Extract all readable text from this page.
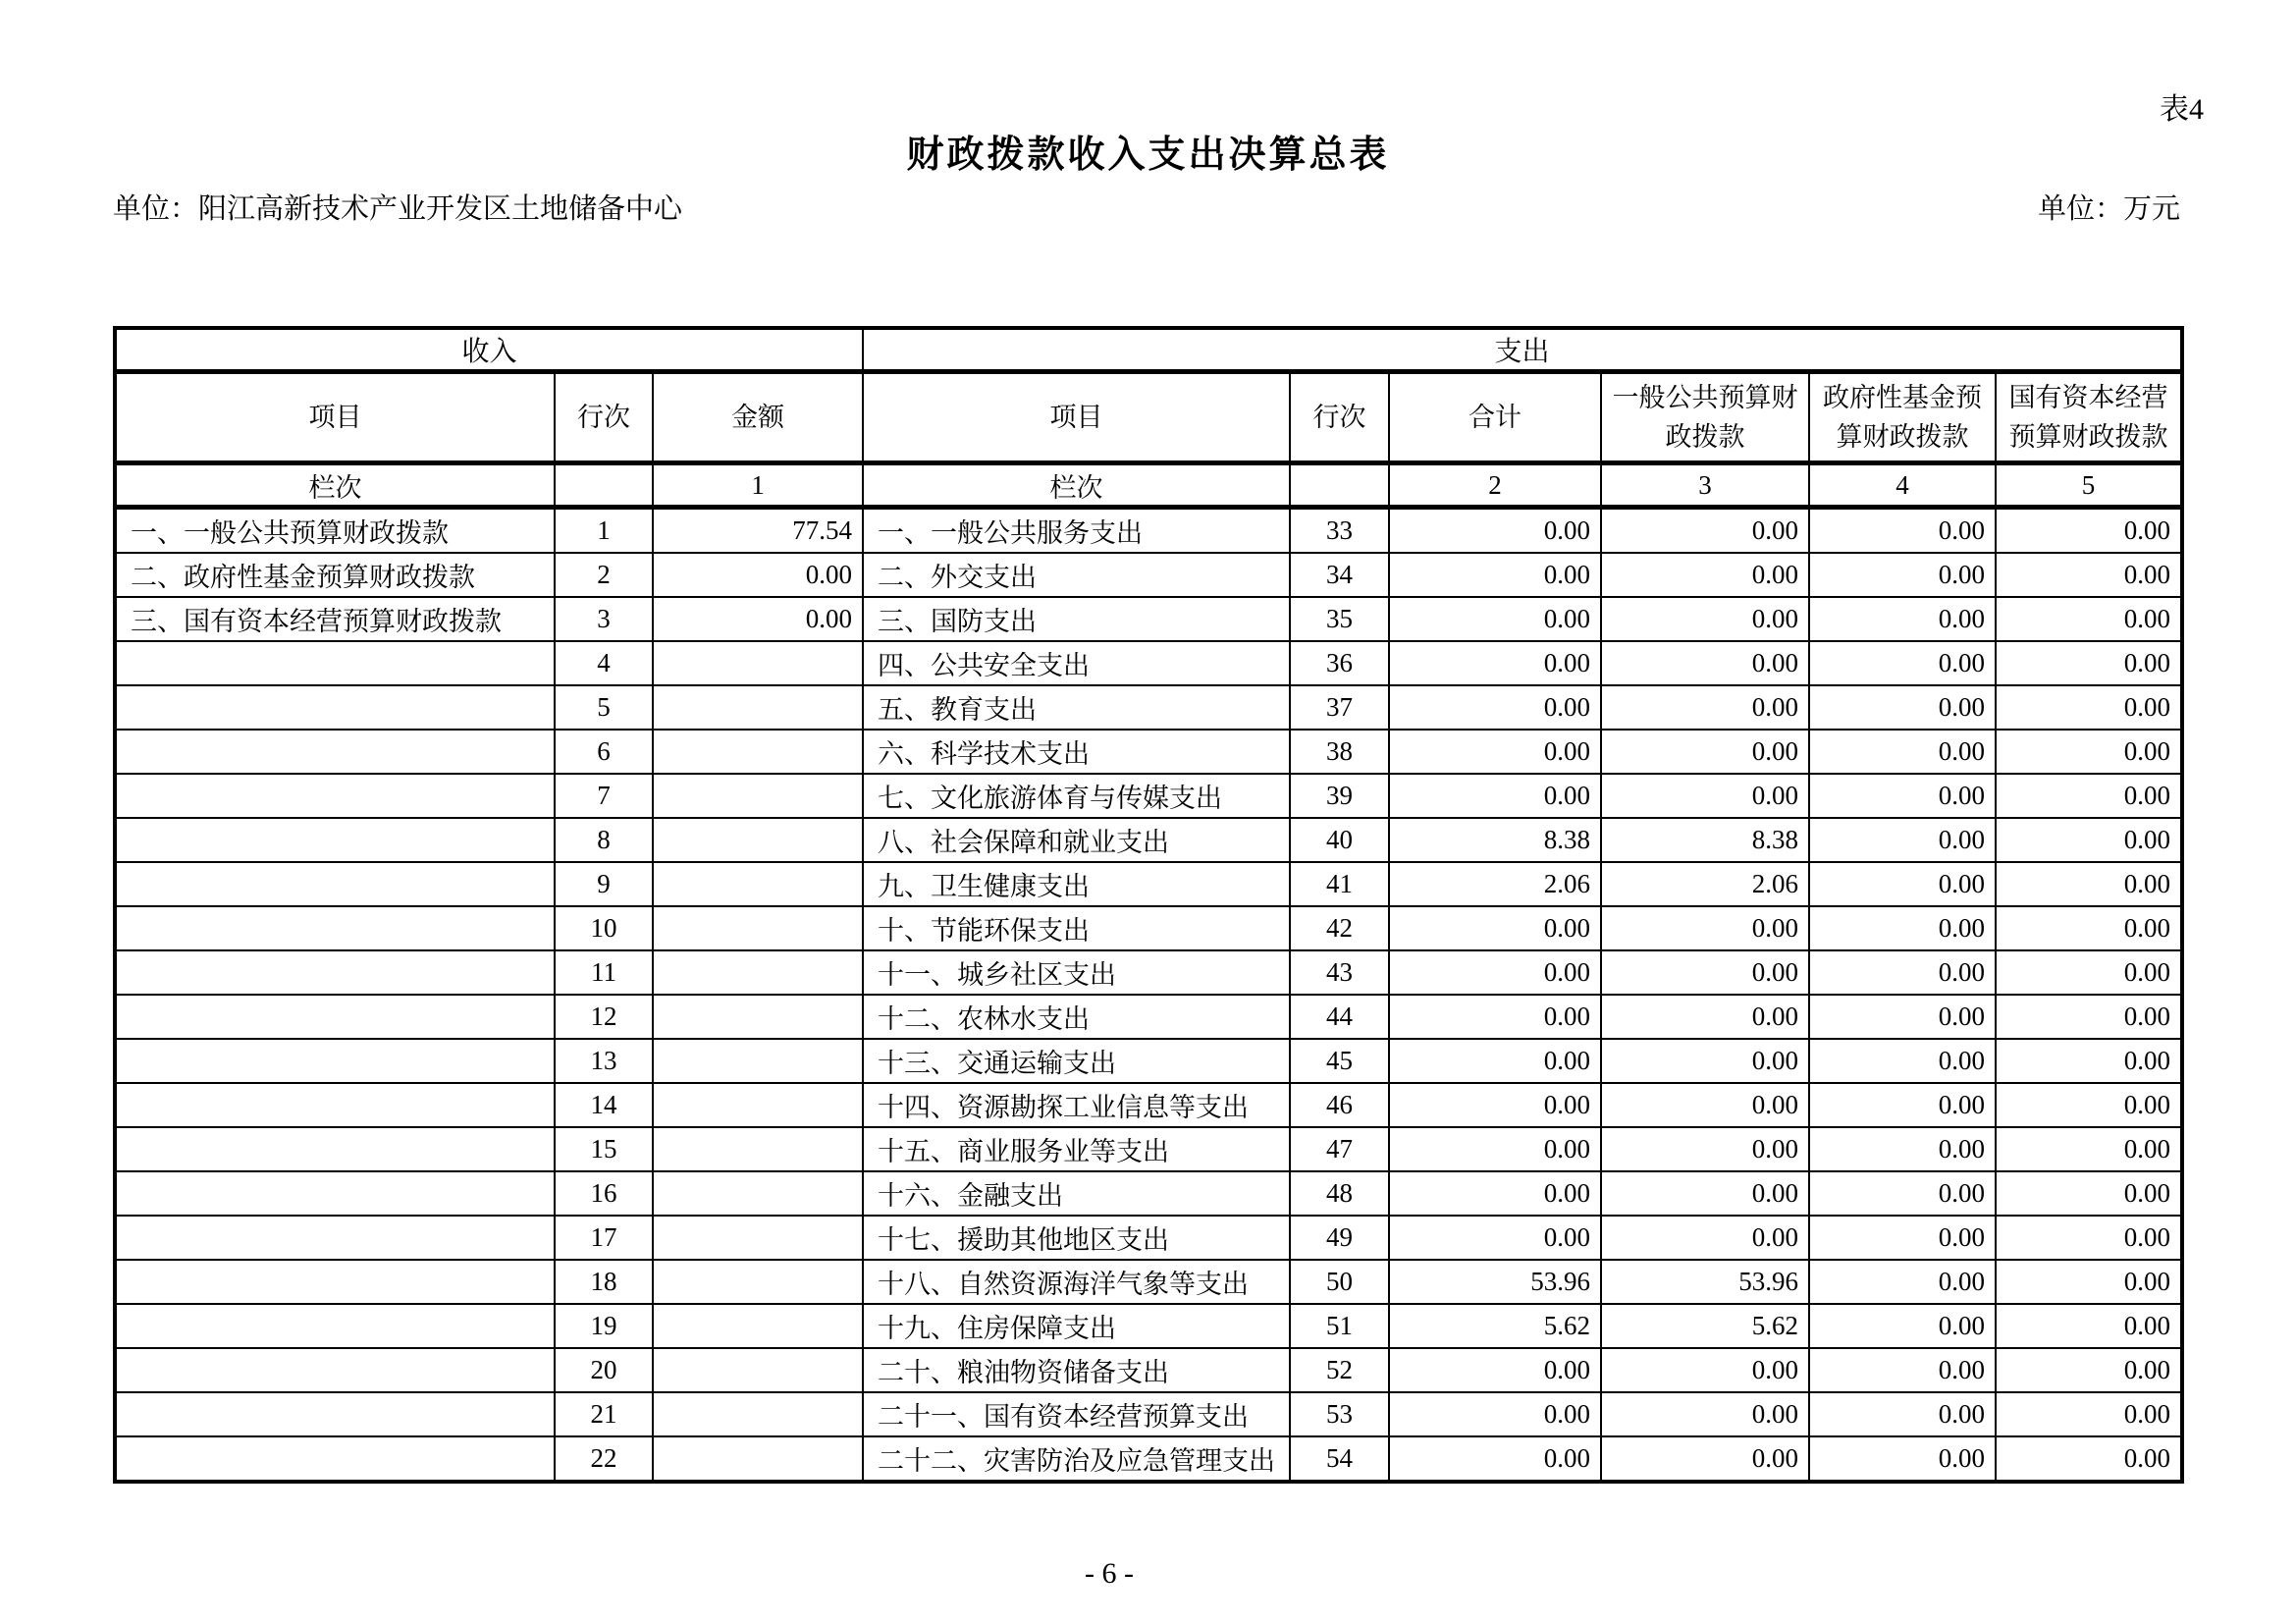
表4
财政拨款收入支出决算总表
单位：阳江高新技术产业开发区土地储备中心	单位：万元
收入			支出					
项目	行次	金额	项目	行次	合计	一般公共预算财政拨款	政府性基金预算财政拨款	国有资本经营预算财政拨款
栏次		1	栏次		2	3	4	5
一、一般公共预算财政拨款	1	77.54	一、一般公共服务支出	33	0.00	0.00	0.00	0.00
二、政府性基金预算财政拨款	2	0.00	二、外交支出	34	0.00	0.00	0.00	0.00
三、国有资本经营预算财政拨款	3	0.00	三、国防支出	35	0.00	0.00	0.00	0.00
	4		四、公共安全支出	36	0.00	0.00	0.00	0.00
	5		五、教育支出	37	0.00	0.00	0.00	0.00
	6		六、科学技术支出	38	0.00	0.00	0.00	0.00
	7		七、文化旅游体育与传媒支出	39	0.00	0.00	0.00	0.00
	8		八、社会保障和就业支出	40	8.38	8.38	0.00	0.00
	9		九、卫生健康支出	41	2.06	2.06	0.00	0.00
	10		十、节能环保支出	42	0.00	0.00	0.00	0.00
	11		十一、城乡社区支出	43	0.00	0.00	0.00	0.00
	12		十二、农林水支出	44	0.00	0.00	0.00	0.00
	13		十三、交通运输支出	45	0.00	0.00	0.00	0.00
	14		十四、资源勘探工业信息等支出	46	0.00	0.00	0.00	0.00
	15		十五、商业服务业等支出	47	0.00	0.00	0.00	0.00
	16		十六、金融支出	48	0.00	0.00	0.00	0.00
	17		十七、援助其他地区支出	49	0.00	0.00	0.00	0.00
	18		十八、自然资源海洋气象等支出	50	53.96	53.96	0.00	0.00
	19		十九、住房保障支出	51	5.62	5.62	0.00	0.00
	20		二十、粮油物资储备支出	52	0.00	0.00	0.00	0.00
	21		二十一、国有资本经营预算支出	53	0.00	0.00	0.00	0.00
	22		二十二、灾害防治及应急管理支出	54	0.00	0.00	0.00	0.00
- 6 -
